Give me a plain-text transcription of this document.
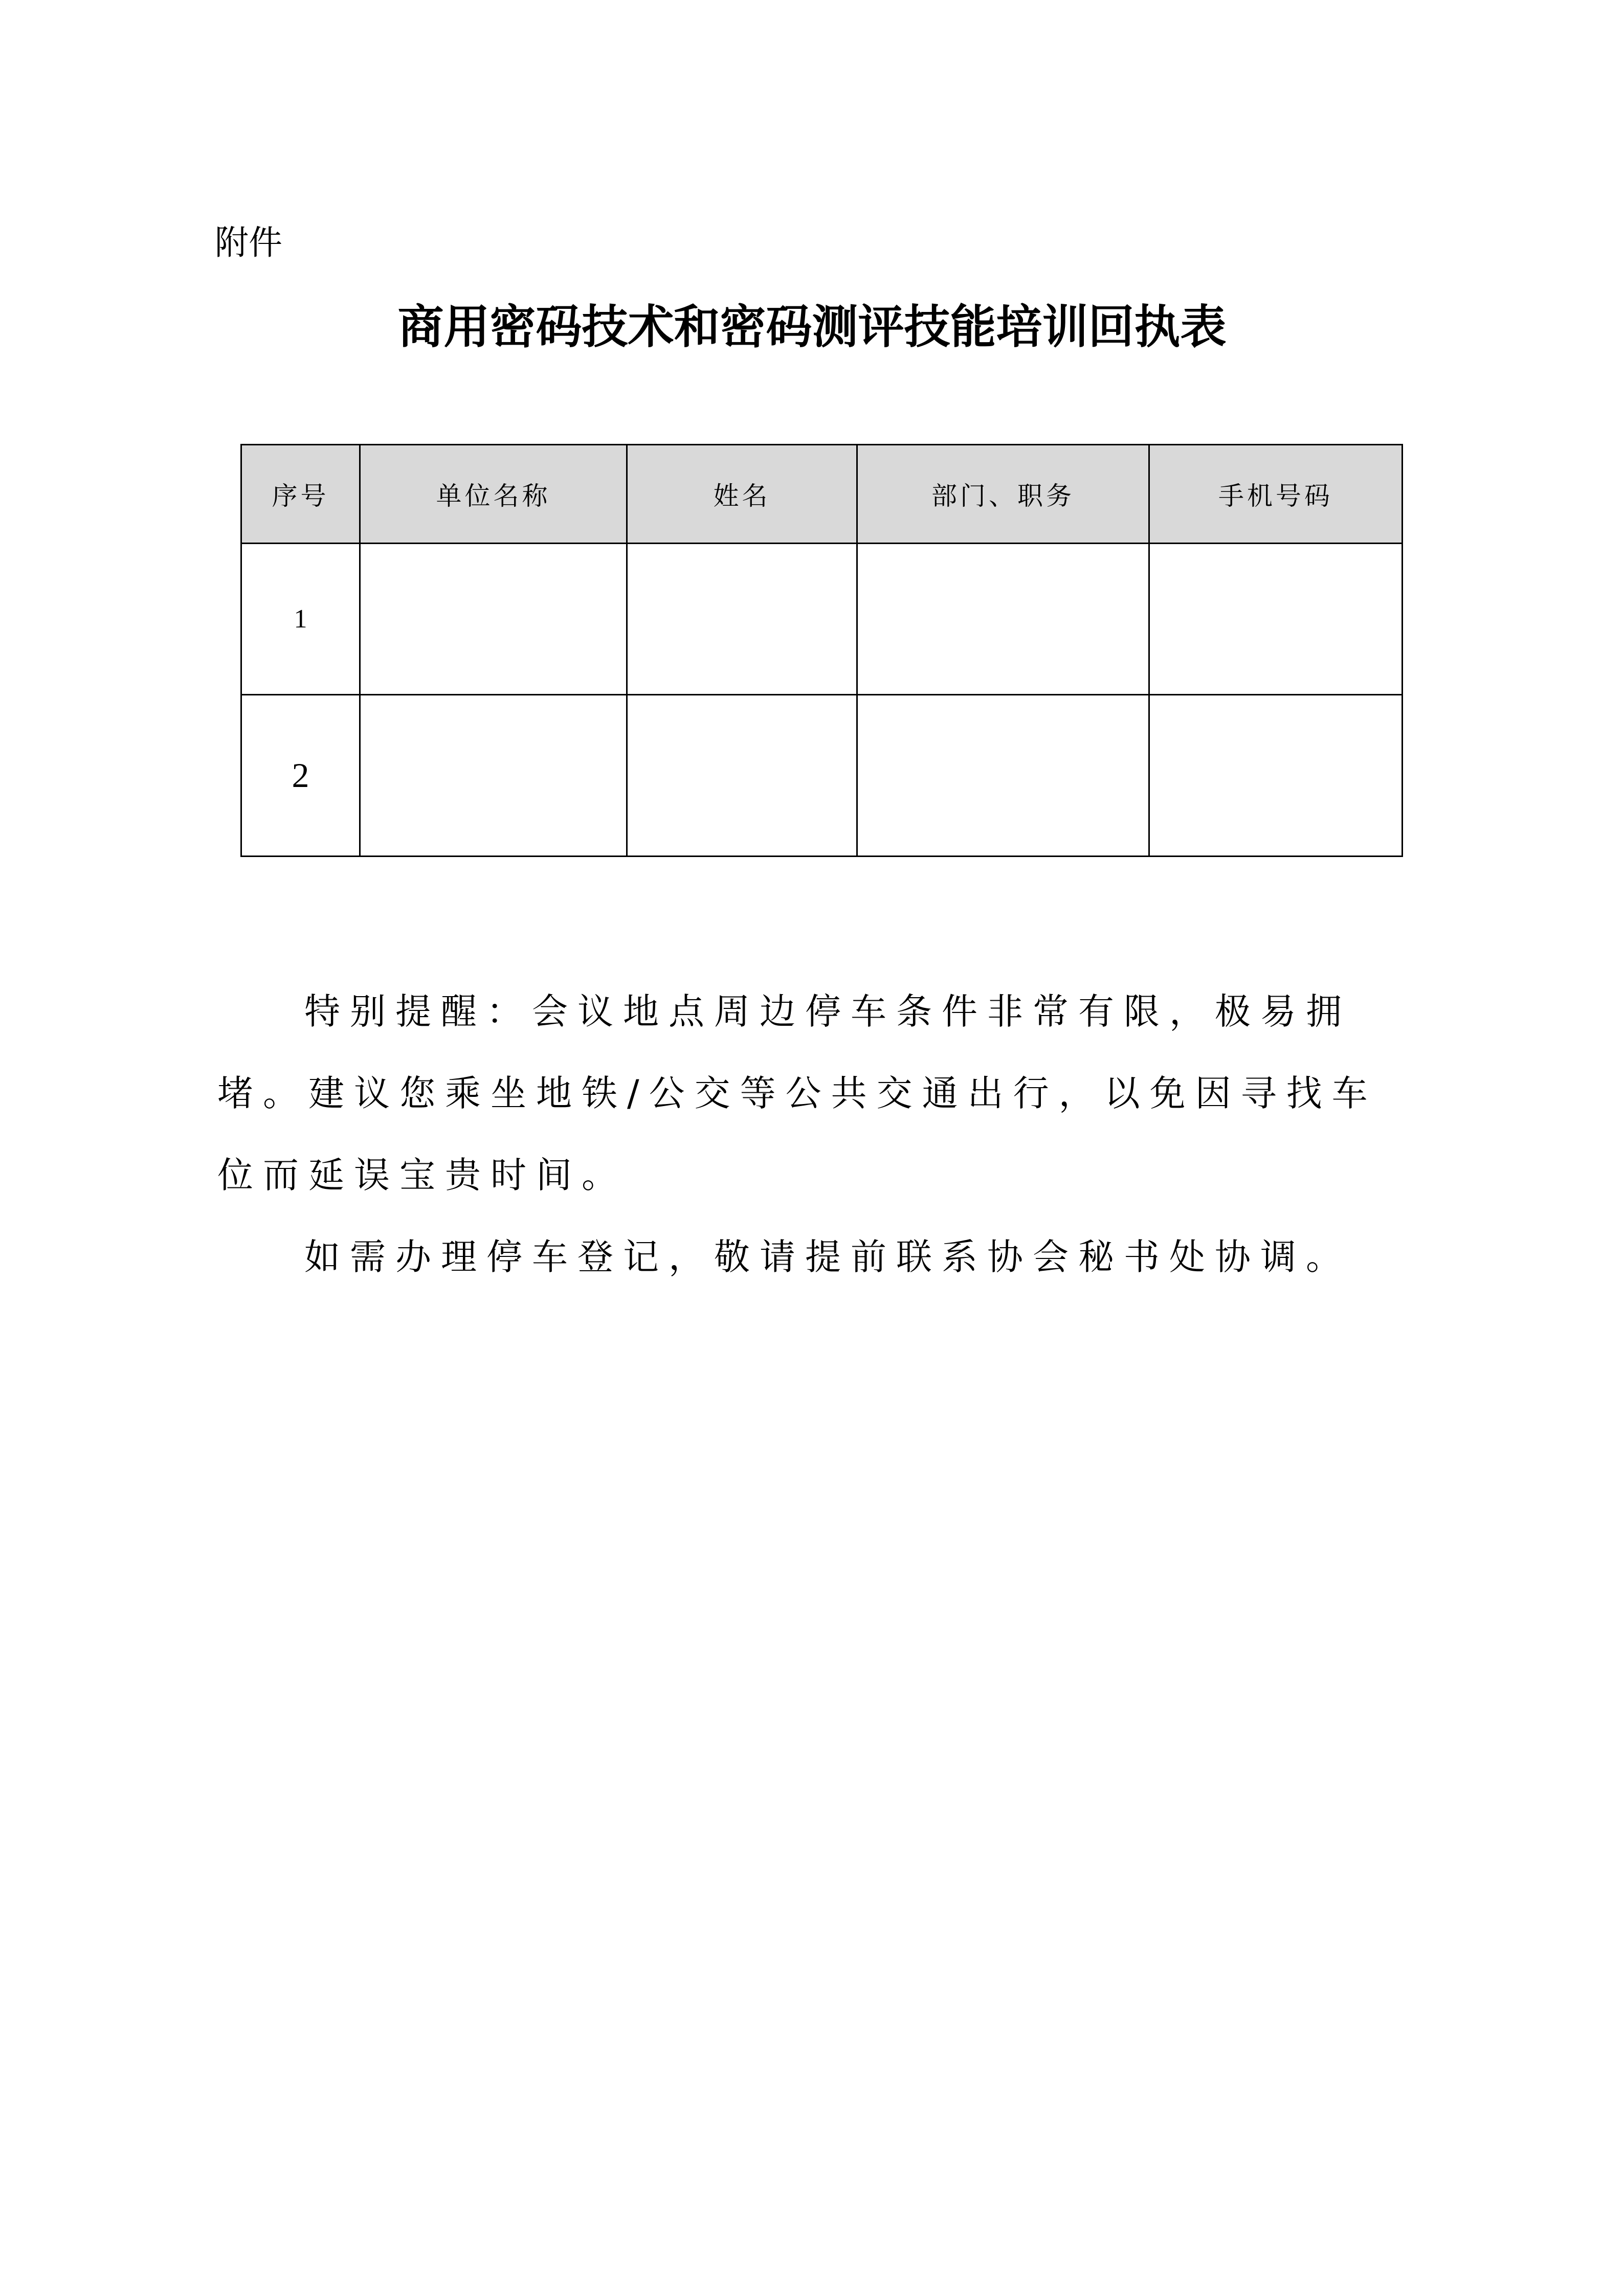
附件
商用密码技术和密码测评技能培训回执表
序号	单位名称	姓名	部门、职务	手机号码
1				
2				

特别提醒：会议地点周边停车条件非常有限，极易拥堵。建议您乘坐地铁/公交等公共交通出行，以免因寻找车位而延误宝贵时间。

如需办理停车登记，敬请提前联系协会秘书处协调。
